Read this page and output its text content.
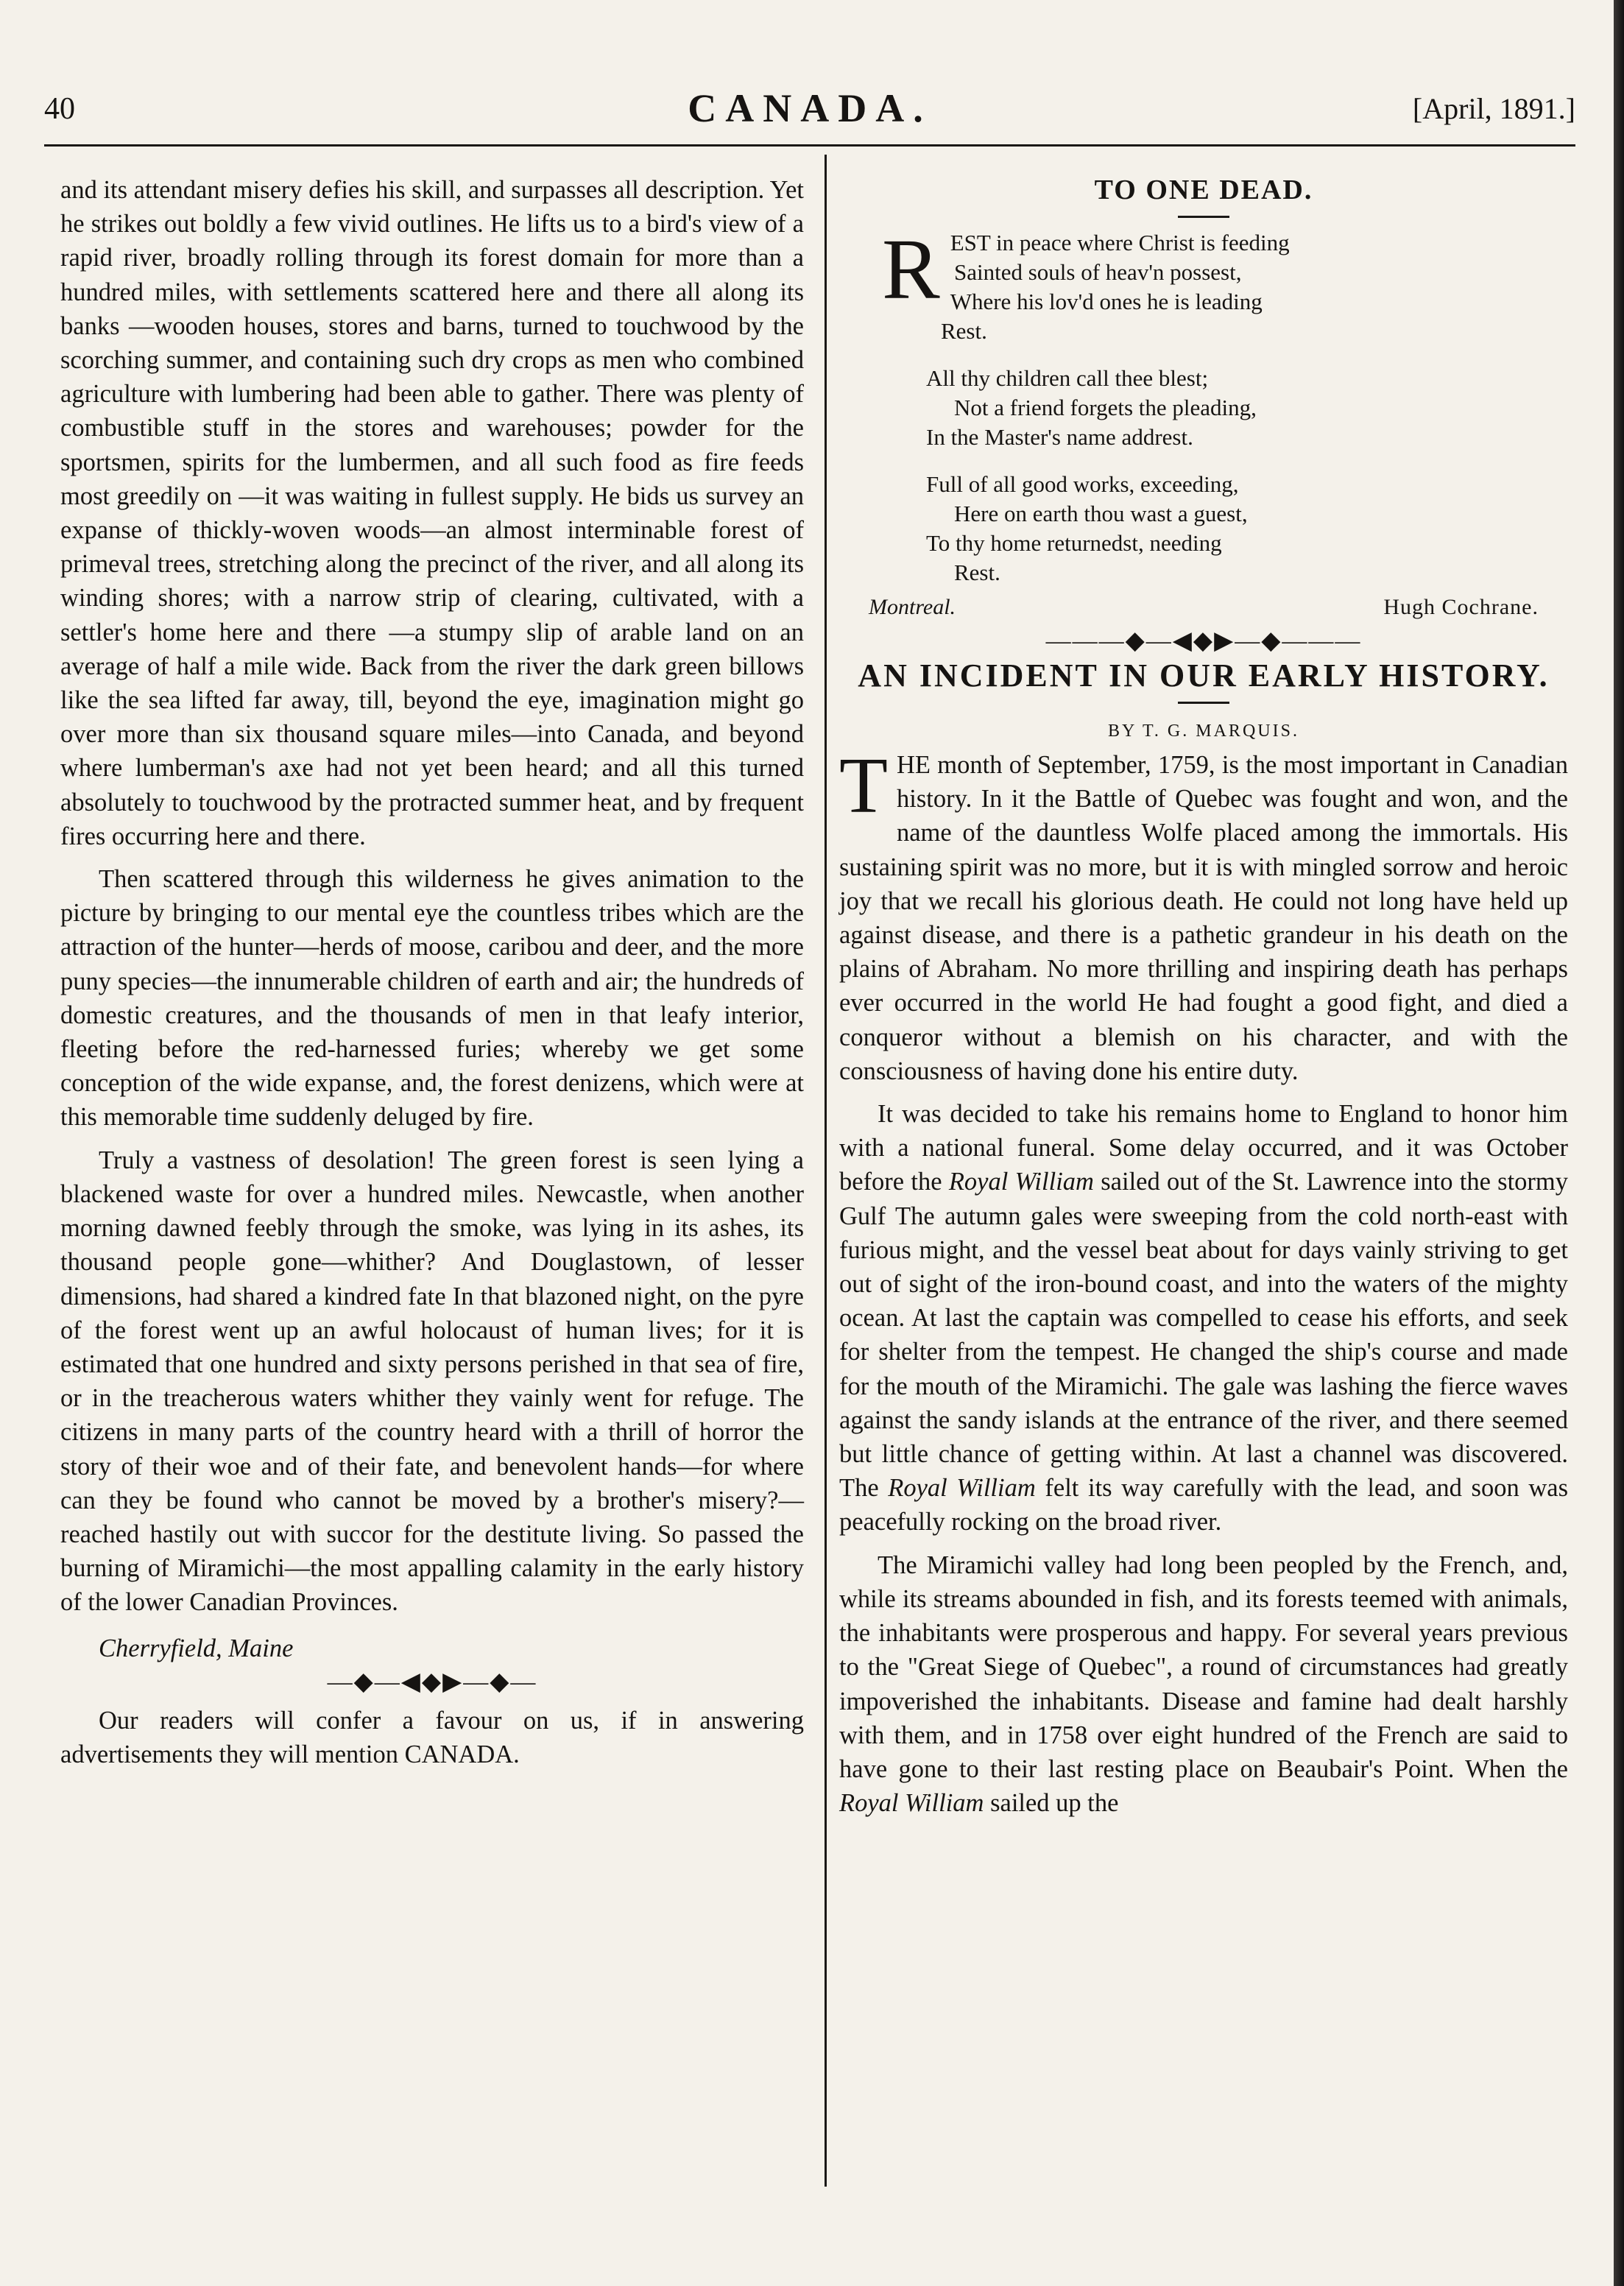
40	CANADA.	[April, 1891.]

and its attendant misery defies his skill, and surpasses all description. Yet he strikes out boldly a few vivid outlines. He lifts us to a bird's view of a rapid river, broadly rolling through its forest domain for more than a hundred miles, with settlements scattered here and there all along its banks —wooden houses, stores and barns, turned to touchwood by the scorching summer, and containing such dry crops as men who combined agriculture with lumbering had been able to gather. There was plenty of combustible stuff in the stores and warehouses; powder for the sportsmen, spirits for the lumbermen, and all such food as fire feeds most greedily on —it was waiting in fullest supply. He bids us survey an expanse of thickly-woven woods—an almost interminable forest of primeval trees, stretching along the precinct of the river, and all along its winding shores; with a narrow strip of clearing, cultivated, with a settler's home here and there —a stumpy slip of arable land on an average of half a mile wide. Back from the river the dark green billows like the sea lifted far away, till, beyond the eye, imagination might go over more than six thousand square miles—into Canada, and beyond where lumberman's axe had not yet been heard; and all this turned absolutely to touchwood by the protracted summer heat, and by frequent fires occurring here and there.

Then scattered through this wilderness he gives animation to the picture by bringing to our mental eye the countless tribes which are the attraction of the hunter—herds of moose, caribou and deer, and the more puny species—the innumerable children of earth and air; the hundreds of domestic creatures, and the thousands of men in that leafy interior, fleeting before the red-harnessed furies; whereby we get some conception of the wide expanse, and, the forest denizens, which were at this memorable time suddenly deluged by fire.

Truly a vastness of desolation! The green forest is seen lying a blackened waste for over a hundred miles. Newcastle, when another morning dawned feebly through the smoke, was lying in its ashes, its thousand people gone—whither? And Douglastown, of lesser dimensions, had shared a kindred fate In that blazoned night, on the pyre of the forest went up an awful holocaust of human lives; for it is estimated that one hundred and sixty persons perished in that sea of fire, or in the treacherous waters whither they vainly went for refuge. The citizens in many parts of the country heard with a thrill of horror the story of their woe and of their fate, and benevolent hands—for where can they be found who cannot be moved by a brother's misery?—reached hastily out with succor for the destitute living. So passed the burning of Miramichi—the most appalling calamity in the early history of the lower Canadian Provinces.

Cherryfield, Maine

—◆—◀◆▶—◆—

Our readers will confer a favour on us, if in answering advertisements they will mention CANADA.

TO ONE DEAD.

R EST in peace where Christ is feeding
Sainted souls of heav'n possest,
Where his lov'd ones he is leading
Rest.
All thy children call thee blest;
Not a friend forgets the pleading,
In the Master's name addrest.
Full of all good works, exceeding,
Here on earth thou wast a guest,
To thy home returnedst, needing
Rest.
Montreal.	Hugh Cochrane.

———◆—◀◆▶—◆———

AN INCIDENT IN OUR EARLY HISTORY.

BY T. G. MARQUIS.

THE month of September, 1759, is the most important in Canadian history. In it the Battle of Quebec was fought and won, and the name of the dauntless Wolfe placed among the immortals. His sustaining spirit was no more, but it is with mingled sorrow and heroic joy that we recall his glorious death. He could not long have held up against disease, and there is a pathetic grandeur in his death on the plains of Abraham. No more thrilling and inspiring death has perhaps ever occurred in the world He had fought a good fight, and died a conqueror without a blemish on his character, and with the consciousness of having done his entire duty.

It was decided to take his remains home to England to honor him with a national funeral. Some delay occurred, and it was October before the Royal William sailed out of the St. Lawrence into the stormy Gulf The autumn gales were sweeping from the cold north-east with furious might, and the vessel beat about for days vainly striving to get out of sight of the iron-bound coast, and into the waters of the mighty ocean. At last the captain was compelled to cease his efforts, and seek for shelter from the tempest. He changed the ship's course and made for the mouth of the Miramichi. The gale was lashing the fierce waves against the sandy islands at the entrance of the river, and there seemed but little chance of getting within. At last a channel was discovered. The Royal William felt its way carefully with the lead, and soon was peacefully rocking on the broad river.

The Miramichi valley had long been peopled by the French, and, while its streams abounded in fish, and its forests teemed with animals, the inhabitants were prosperous and happy. For several years previous to the "Great Siege of Quebec", a round of circumstances had greatly impoverished the inhabitants. Disease and famine had dealt harshly with them, and in 1758 over eight hundred of the French are said to have gone to their last resting place on Beaubair's Point. When the Royal William sailed up the
